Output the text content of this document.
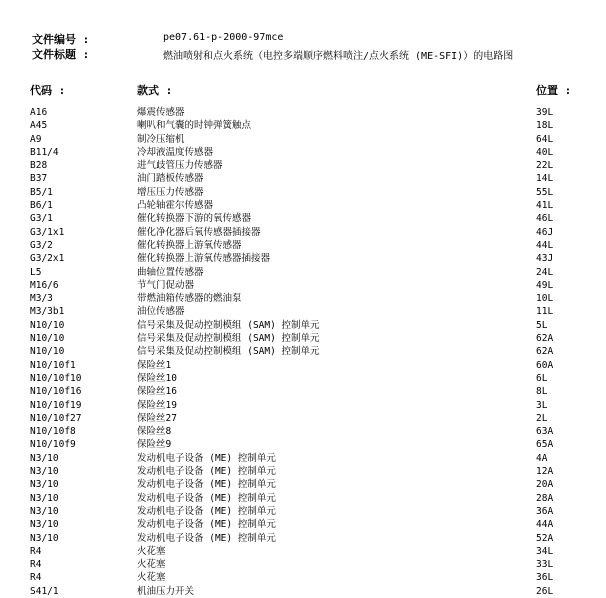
文件编号 :	pe07.61-p-2000-97mce
文件标题 :	燃油喷射和点火系统（电控多端顺序燃料喷注/点火系统 (ME-SFI)）的电路图
代码 :	款式 :	位置 :
A16	爆震传感器	39L
A45	喇叭和气囊的时钟弹簧触点	18L
A9	制冷压缩机	64L
B11/4	冷却液温度传感器	40L
B28	进气歧管压力传感器	22L
B37	油门踏板传感器	14L
B5/1	增压压力传感器	55L
B6/1	凸轮轴霍尔传感器	41L
G3/1	催化转换器下游的氧传感器	46L
G3/1x1	催化净化器后氧传感器插接器	46J
G3/2	催化转换器上游氧传感器	44L
G3/2x1	催化转换器上游氧传感器插接器	43J
L5	曲轴位置传感器	24L
M16/6	节气门促动器	49L
M3/3	带燃油箱传感器的燃油泵	10L
M3/3b1	油位传感器	11L
N10/10	信号采集及促动控制模组 (SAM) 控制单元	5L
N10/10	信号采集及促动控制模组 (SAM) 控制单元	62A
N10/10	信号采集及促动控制模组 (SAM) 控制单元	62A
N10/10f1	保险丝1	60A
N10/10f10	保险丝10	6L
N10/10f16	保险丝16	8L
N10/10f19	保险丝19	3L
N10/10f27	保险丝27	2L
N10/10f8	保险丝8	63A
N10/10f9	保险丝9	65A
N3/10	发动机电子设备 (ME) 控制单元	4A
N3/10	发动机电子设备 (ME) 控制单元	12A
N3/10	发动机电子设备 (ME) 控制单元	20A
N3/10	发动机电子设备 (ME) 控制单元	28A
N3/10	发动机电子设备 (ME) 控制单元	36A
N3/10	发动机电子设备 (ME) 控制单元	44A
N3/10	发动机电子设备 (ME) 控制单元	52A
R4	火花塞	34L
R4	火花塞	33L
R4	火花塞	36L
S41/1	机油压力开关	26L
